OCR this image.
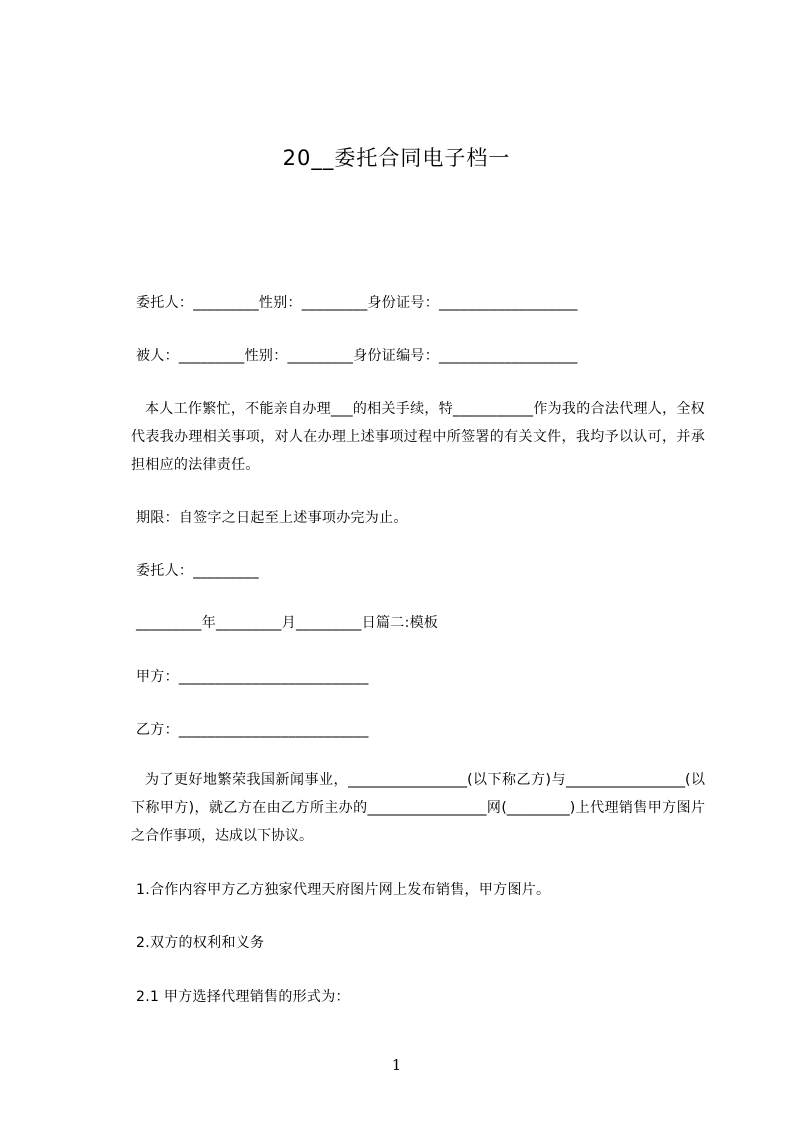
20__委托合同电子档一
委托人：_________性别：_________身份证号：___________________
被人：_________性别：_________身份证编号：___________________
本人工作繁忙，不能亲自办理___的相关手续，特___________作为我的合法代理人，全权代表我办理相关事项，对人在办理上述事项过程中所签署的有关文件，我均予以认可，并承担相应的法律责任。
期限：自签字之日起至上述事项办完为止。
委托人：_________
_________年_________月_________日篇二:模板
甲方：__________________________
乙方：__________________________
为了更好地繁荣我国新闻事业，_________________(以下称乙方)与_________________(以下称甲方)，就乙方在由乙方所主办的_________________网(_________)上代理销售甲方图片之合作事项，达成以下协议。
1.合作内容甲方乙方独家代理天府图片网上发布销售，甲方图片。
2.双方的权利和义务
2.1 甲方选择代理销售的形式为：
1
